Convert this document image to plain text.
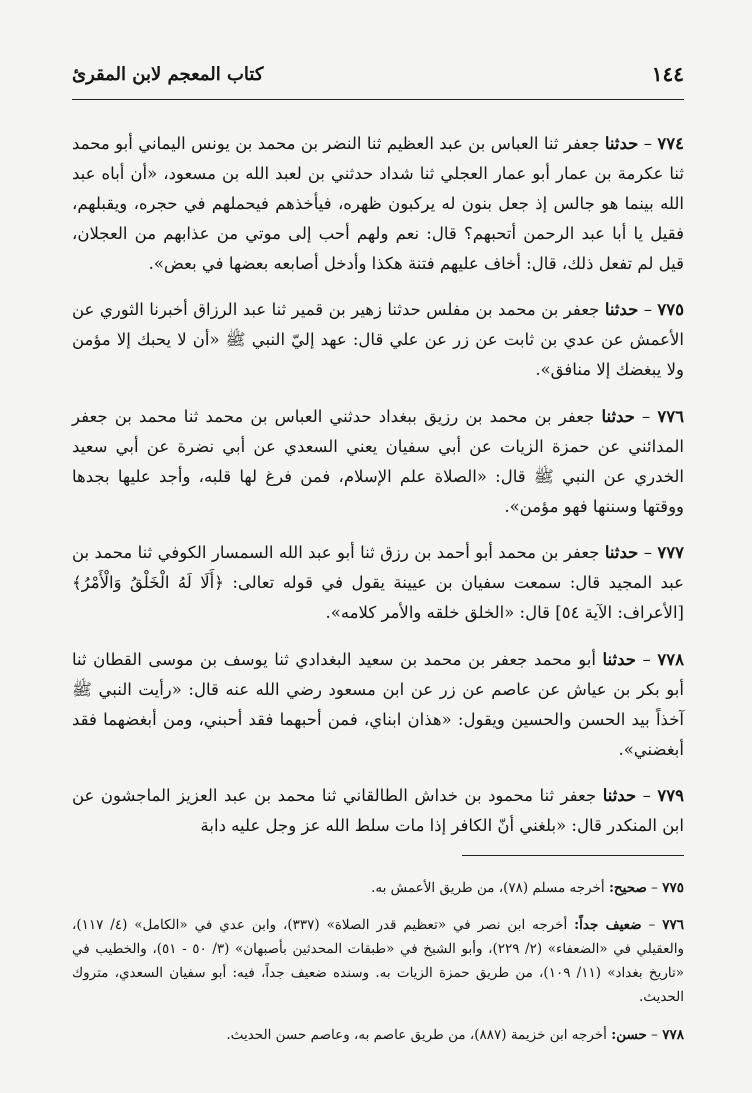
١٤٤
كتاب المعجم لابن المقرئ

٧٧٤ – حدثنا جعفر ثنا العباس بن عبد العظيم ثنا النضر بن محمد بن يونس اليماني أبو محمد ثنا عكرمة بن عمار أبو عمار العجلي ثنا شداد حدثني بن لعبد الله بن مسعود، «أن أباه عبد الله بينما هو جالس إذ جعل بنون له يركبون ظهره، فيأخذهم فيحملهم في حجره، ويقبلهم، فقيل يا أبا عبد الرحمن أتحبهم؟ قال: نعم ولهم أحب إلى موتي من عذابهم من العجلان، قيل لم تفعل ذلك، قال: أخاف عليهم فتنة هكذا وأدخل أصابعه بعضها في بعض».

٧٧٥ – حدثنا جعفر بن محمد بن مفلس حدثنا زهير بن قمير ثنا عبد الرزاق أخبرنا الثوري عن الأعمش عن عدي بن ثابت عن زر عن علي قال: عهد إليّ النبي ﷺ «أن لا يحبك إلا مؤمن ولا يبغضك إلا منافق».

٧٧٦ – حدثنا جعفر بن محمد بن رزيق ببغداد حدثني العباس بن محمد ثنا محمد بن جعفر المدائني عن حمزة الزيات عن أبي سفيان يعني السعدي عن أبي نضرة عن أبي سعيد الخدري عن النبي ﷺ قال: «الصلاة علم الإسلام، فمن فرغ لها قلبه، وأجد عليها بجدها ووقتها وسننها فهو مؤمن».

٧٧٧ – حدثنا جعفر بن محمد أبو أحمد بن رزق ثنا أبو عبد الله السمسار الكوفي ثنا محمد بن عبد المجيد قال: سمعت سفيان بن عيينة يقول في قوله تعالى: ﴿أَلَا لَهُ الْخَلْقُ وَالْأَمْرُ﴾ [الأعراف: الآية ٥٤] قال: «الخلق خلقه والأمر كلامه».

٧٧٨ – حدثنا أبو محمد جعفر بن محمد بن سعيد البغدادي ثنا يوسف بن موسى القطان ثنا أبو بكر بن عياش عن عاصم عن زر عن ابن مسعود رضي الله عنه قال: «رأيت النبي ﷺ آخذاً بيد الحسن والحسين ويقول: «هذان ابناي، فمن أحبهما فقد أحبني، ومن أبغضهما فقد أبغضني».

٧٧٩ – حدثنا جعفر ثنا محمود بن خداش الطالقاني ثنا محمد بن عبد العزيز الماجشون عن ابن المنكدر قال: «بلغني أنّ الكافر إذا مات سلط الله عز وجل عليه دابة

٧٧٥ – صحيح: أخرجه مسلم (٧٨)، من طريق الأعمش به.

٧٧٦ – ضعيف جداً: أخرجه ابن نصر في «تعظيم قدر الصلاة» (٣٣٧)، وابن عدي في «الكامل» (٤/ ١١٧)، والعقيلي في «الضعفاء» (٢/ ٢٢٩)، وأبو الشيخ في «طبقات المحدثين بأصبهان» (٣/ ٥٠ - ٥١)، والخطيب في «تاريخ بغداد» (١١/ ١٠٩)، من طريق حمزة الزيات به. وسنده ضعيف جداً، فيه: أبو سفيان السعدي، متروك الحديث.

٧٧٨ – حسن: أخرجه ابن خزيمة (٨٨٧)، من طريق عاصم به، وعاصم حسن الحديث.
